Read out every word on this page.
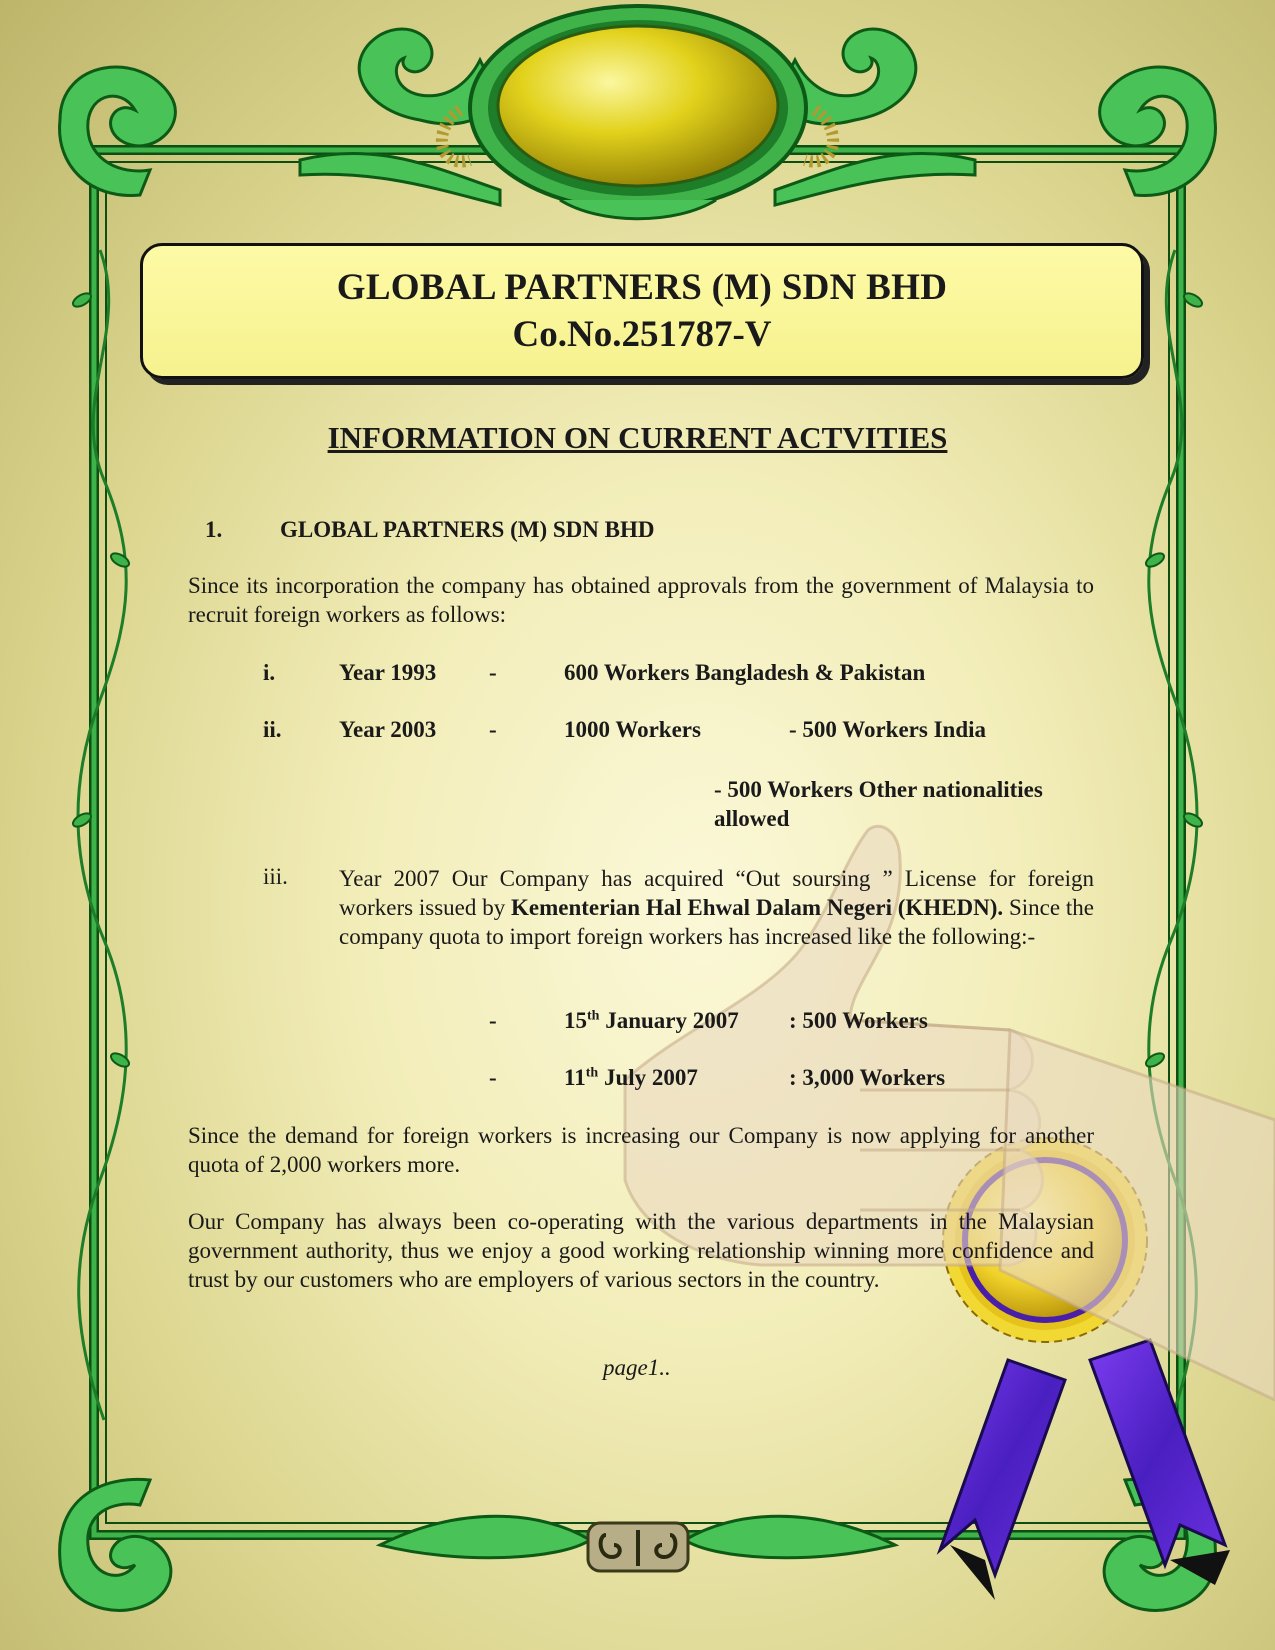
GLOBAL PARTNERS (M) SDN BHD
Co.No.251787-V
INFORMATION ON CURRENT ACTVITIES
1.	GLOBAL PARTNERS (M) SDN BHD
Since its incorporation the company has obtained approvals from the government of Malaysia to recruit foreign workers as follows:
i.	Year 1993 -	600 Workers Bangladesh & Pakistan
ii. Year 2003 -	1000 Workers	- 500 Workers India
- 500 Workers Other nationalities allowed
iii. Year 2007 Our Company has acquired “Out soursing ” License for foreign workers issued by Kementerian Hal Ehwal Dalam Negeri (KHEDN). Since the company quota to import foreign workers has increased like the following:-
-	15th January 2007 : 500 Workers
-	11th July 2007	: 3,000 Workers
Since the demand for foreign workers is increasing our Company is now applying for another quota of 2,000 workers more.
Our Company has always been co-operating with the various departments in the Malaysian government authority, thus we enjoy a good working relationship winning more confidence and trust by our customers who are employers of various sectors in the country.
page1..
